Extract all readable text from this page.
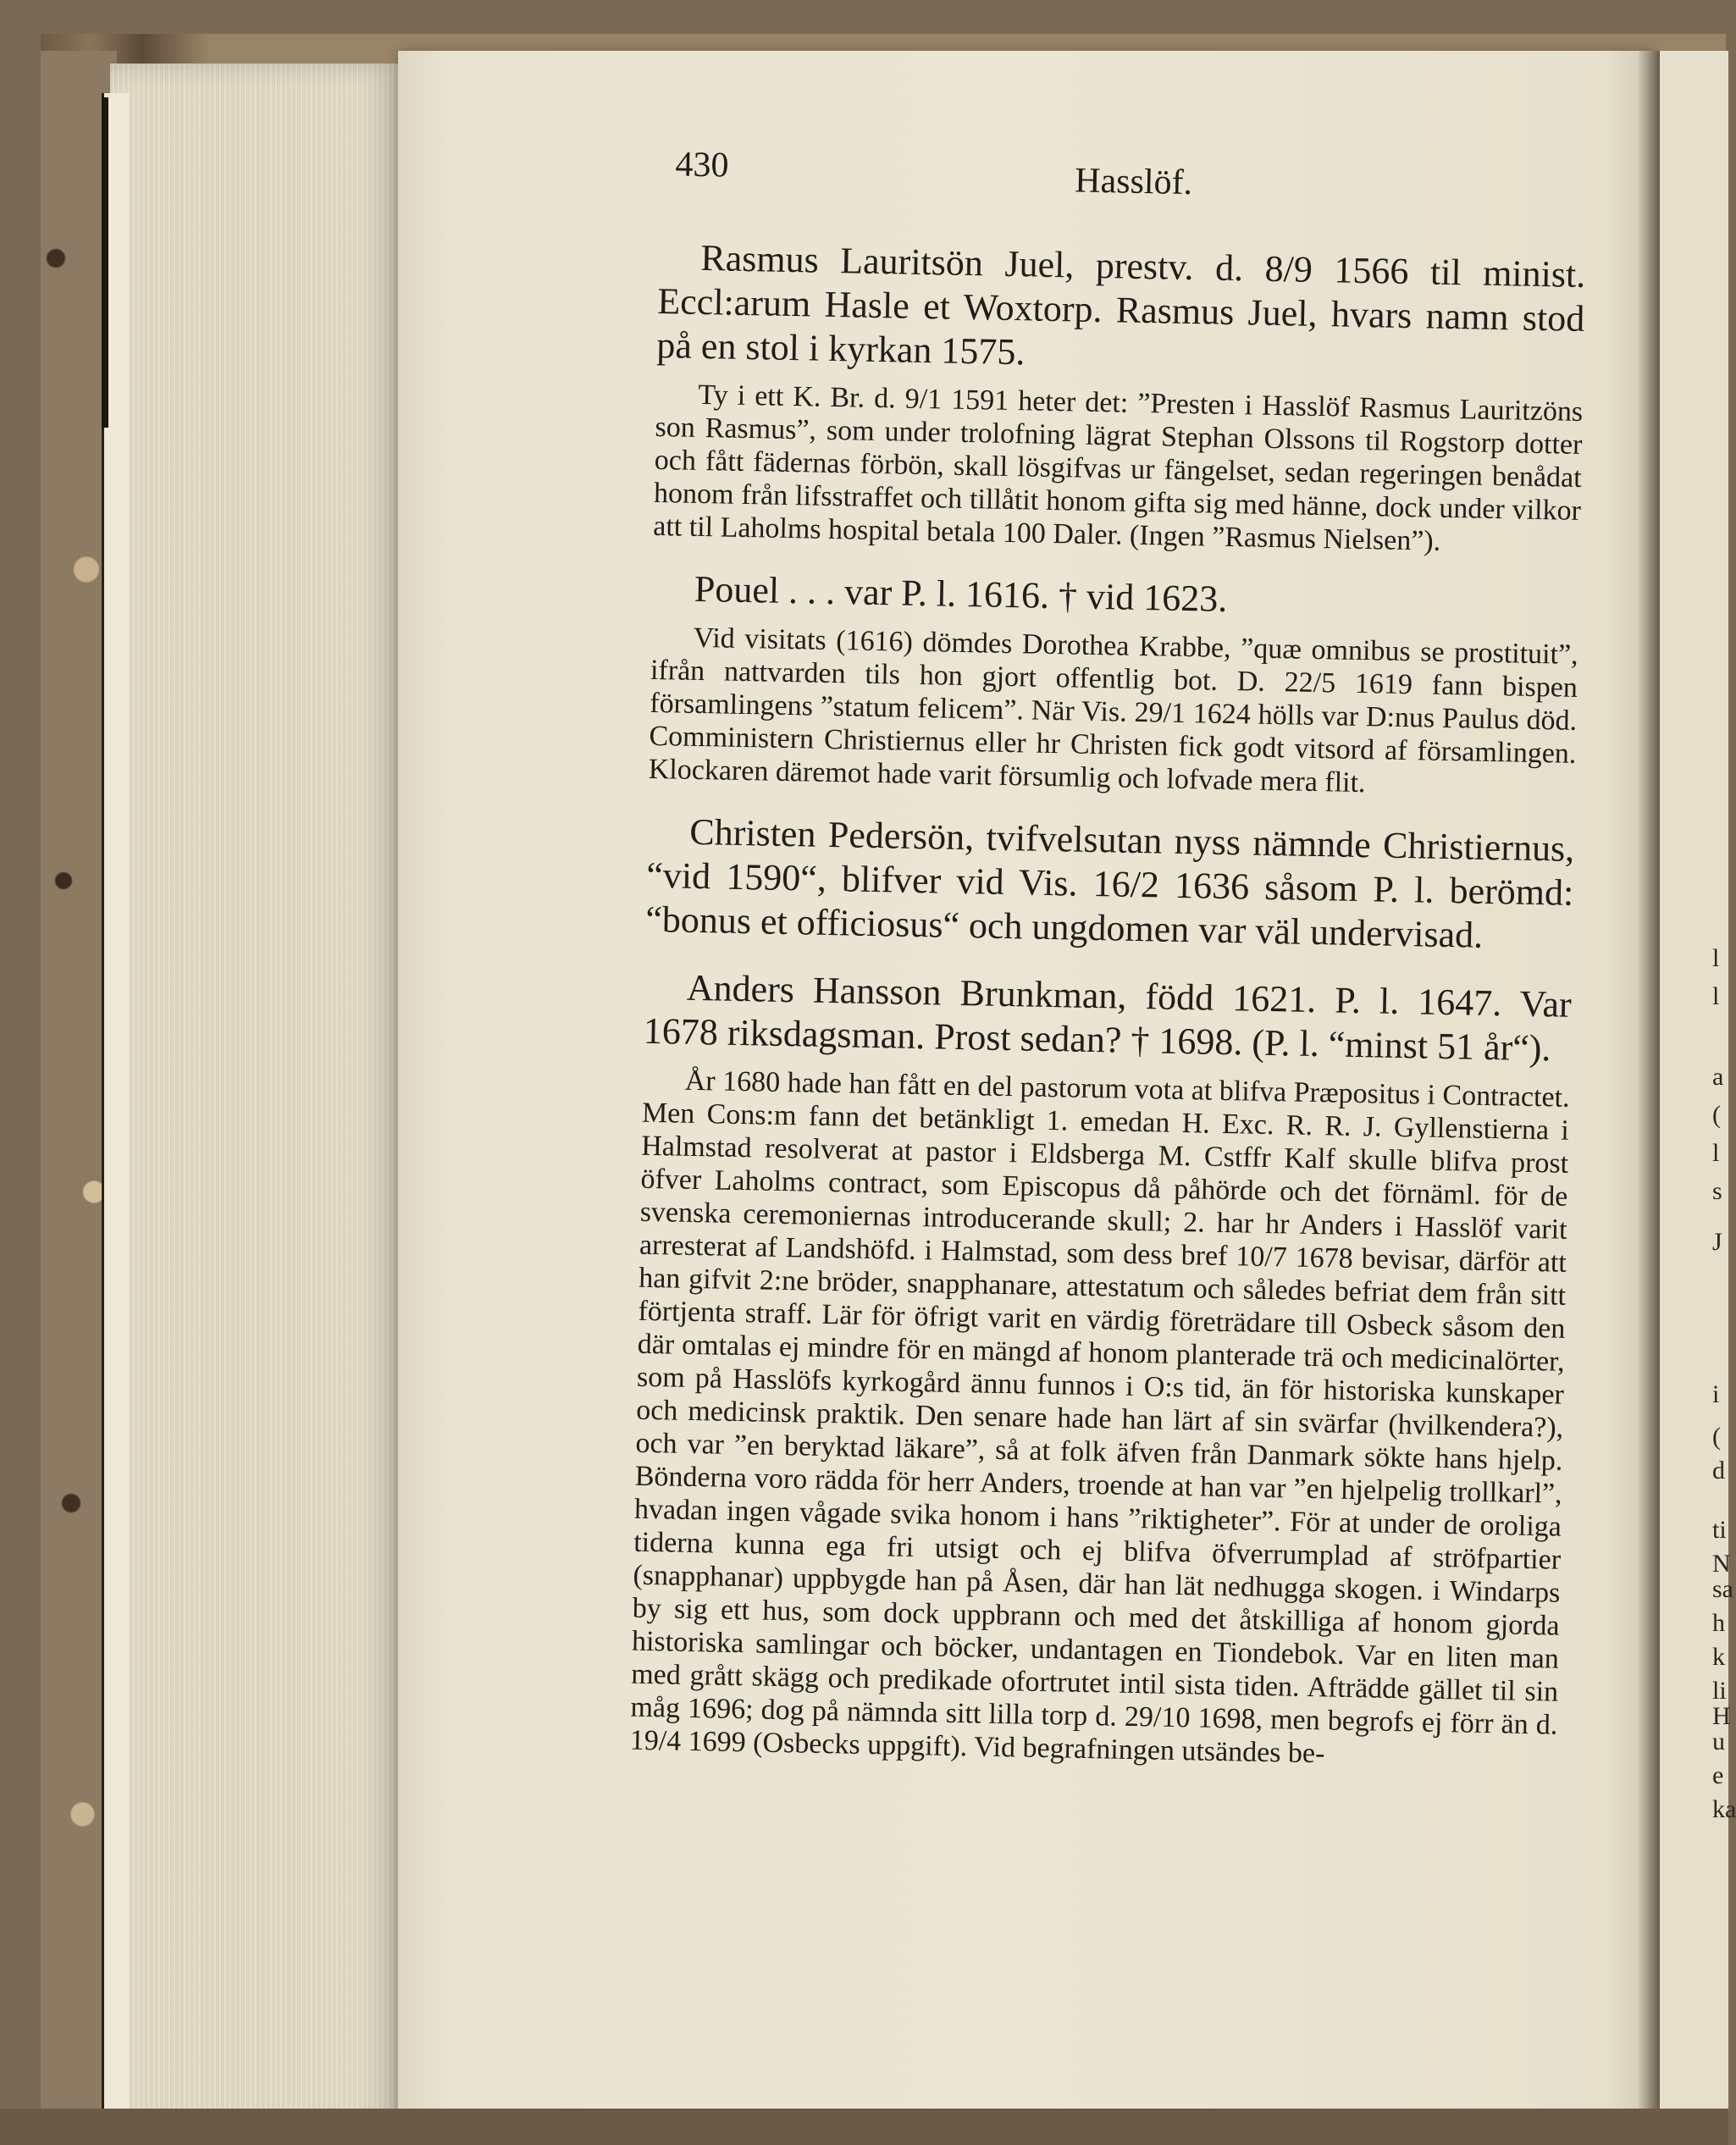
l
l
a
(
l
s
J
i
(
d
ti
N
sa
h
k
li
H
u
e
ka
430	Hasslöf.

Rasmus Lauritsön Juel, prestv. d. 8/9 1566 til minist. Eccl:arum Hasle et Woxtorp. Rasmus Juel, hvars namn stod på en stol i kyrkan 1575.

Ty i ett K. Br. d. 9/1 1591 heter det: ”Presten i Hasslöf Rasmus Lauritzöns son Rasmus”, som under trolofning lägrat Stephan Olssons til Rogstorp dotter och fått fädernas förbön, skall lösgifvas ur fängelset, sedan regeringen benådat honom från lifsstraffet och tillåtit honom gifta sig med hänne, dock under vilkor att til Laholms hospital betala 100 Daler. (Ingen ”Rasmus Nielsen”).

Pouel . . . var P. l. 1616. † vid 1623.

Vid visitats (1616) dömdes Dorothea Krabbe, ”quæ omnibus se prostituit”, ifrån nattvarden tils hon gjort offentlig bot. D. 22/5 1619 fann bispen församlingens ”statum felicem”. När Vis. 29/1 1624 hölls var D:nus Paulus död. Comministern Christiernus eller hr Christen fick godt vitsord af församlingen. Klockaren däremot hade varit försumlig och lofvade mera flit.

Christen Pedersön, tvifvelsutan nyss nämnde Christiernus, “vid 1590“, blifver vid Vis. 16/2 1636 såsom P. l. berömd: “bonus et officiosus“ och ungdomen var väl undervisad.

Anders Hansson Brunkman, född 1621. P. l. 1647. Var 1678 riksdagsman. Prost sedan? † 1698. (P. l. “minst 51 år“).

År 1680 hade han fått en del pastorum vota at blifva Præpositus i Contractet. Men Cons:m fann det betänkligt 1. emedan H. Exc. R. R. J. Gyllenstierna i Halmstad resolverat at pastor i Eldsberga M. Cstffr Kalf skulle blifva prost öfver Laholms contract, som Episcopus då påhörde och det förnäml. för de svenska ceremoniernas introducerande skull; 2. har hr Anders i Hasslöf varit arresterat af Landshöfd. i Halmstad, som dess bref 10/7 1678 bevisar, därför att han gifvit 2:ne bröder, snapphanare, attestatum och således befriat dem från sitt förtjenta straff. Lär för öfrigt varit en värdig företrädare till Osbeck såsom den där omtalas ej mindre för en mängd af honom planterade trä och medicinalörter, som på Hasslöfs kyrkogård ännu funnos i O:s tid, än för historiska kunskaper och medicinsk praktik. Den senare hade han lärt af sin svärfar (hvilkendera?), och var ”en beryktad läkare”, så at folk äfven från Danmark sökte hans hjelp. Bönderna voro rädda för herr Anders, troende at han var ”en hjelpelig trollkarl”, hvadan ingen vågade svika honom i hans ”riktigheter”. För at under de oroliga tiderna kunna ega fri utsigt och ej blifva öfverrumplad af ströfpartier (snapphanar) uppbygde han på Åsen, där han lät nedhugga skogen. i Windarps by sig ett hus, som dock uppbrann och med det åtskilliga af honom gjorda historiska samlingar och böcker, undantagen en Tiondebok. Var en liten man med grått skägg och predikade ofortrutet intil sista tiden. Afträdde gället til sin måg 1696; dog på nämnda sitt lilla torp d. 29/10 1698, men begrofs ej förr än d. 19/4 1699 (Osbecks uppgift). Vid begrafningen utsändes be-
